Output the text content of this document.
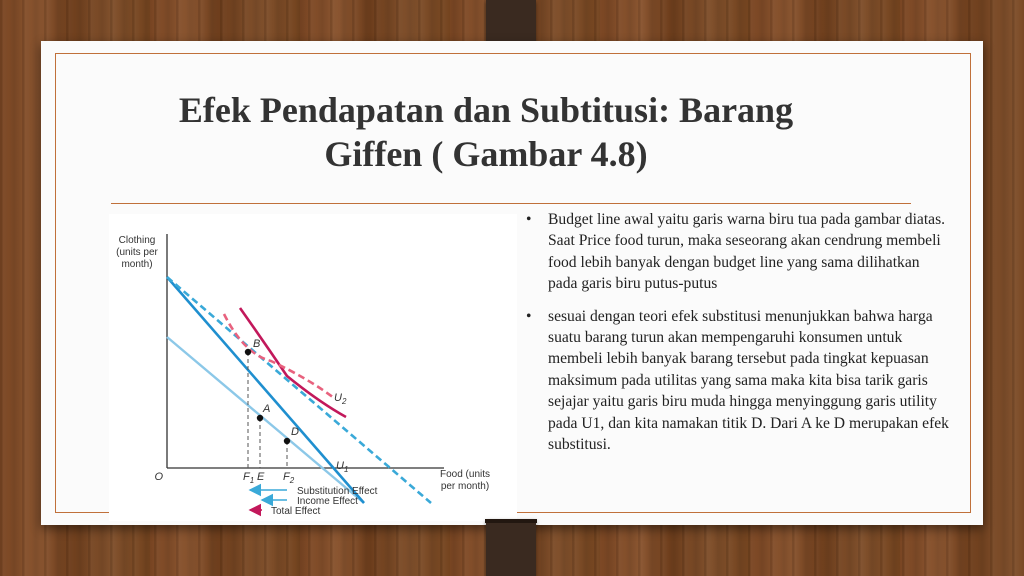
Efek Pendapatan dan Subtitusi: Barang
Giffen ( Gambar 4.8)
Clothing
(units per
month)
Food (units
per month)
O
$U_2$
$U_1$
B
A
D
$F_1$ E $F_2$
Substitution Effect
Income Effect
Total Effect

• Budget line awal yaitu garis warna biru tua pada gambar diatas. Saat Price food turun, maka seseorang akan cendrung membeli food lebih banyak dengan budget line yang sama dilihatkan pada garis biru putus-putus

• sesuai dengan teori efek substitusi menunjukkan bahwa harga suatu barang turun akan mempengaruhi konsumen untuk membeli lebih banyak barang tersebut pada tingkat kepuasan maksimum pada utilitas yang sama maka kita bisa tarik garis sejajar yaitu garis biru muda hingga menyinggung garis utility pada U1, dan kita namakan titik D. Dari A ke D merupakan efek substitusi.
